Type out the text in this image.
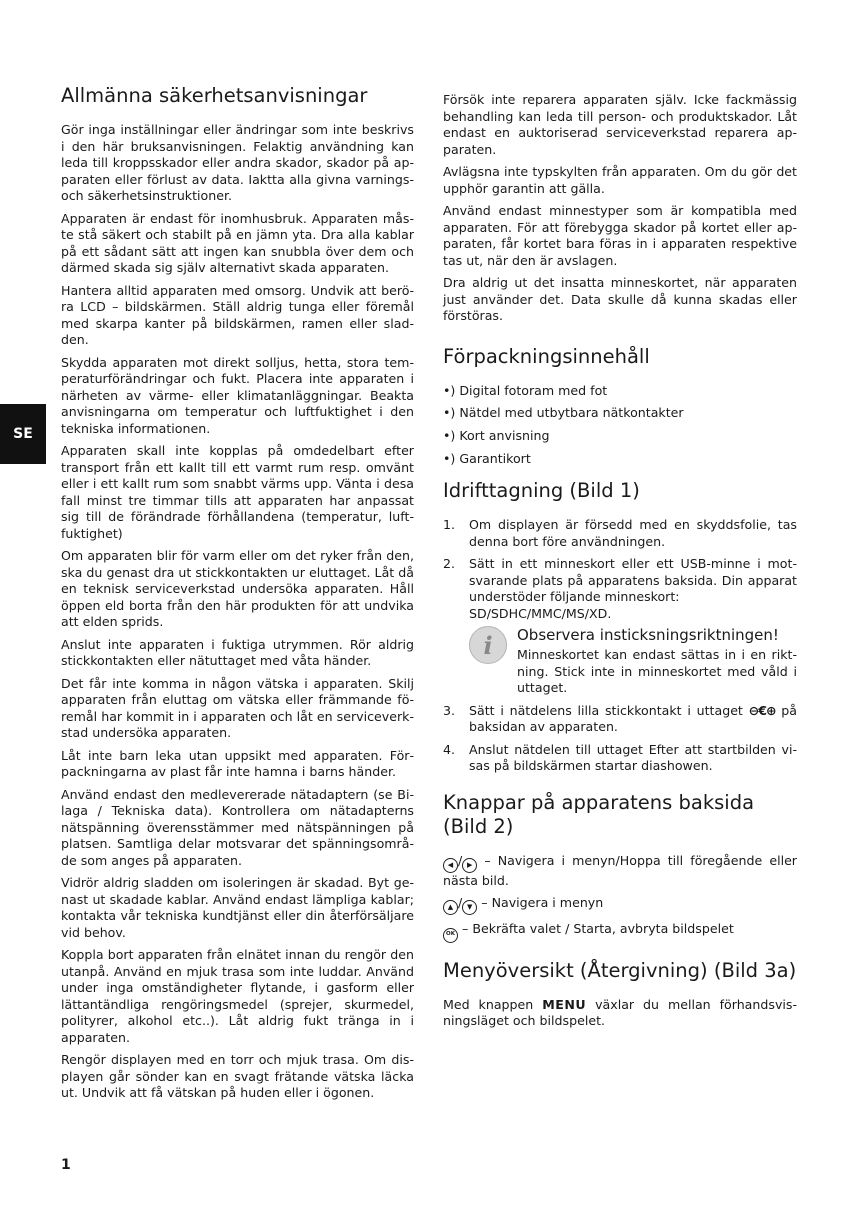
SE
1
Allmänna säkerhetsanvisningar

Gör inga inställningar eller ändringar som inte beskrivs i den här bruksanvisningen. Felaktig användning kan leda till kroppsskador eller andra skador, skador på apparaten eller förlust av data. Iaktta alla givna varnings- och säkerhetsinstruktioner.

Apparaten är endast för inomhusbruk. Apparaten måste stå säkert och stabilt på en jämn yta. Dra alla kablar på ett sådant sätt att ingen kan snubbla över dem och därmed skada sig själv alternativt skada apparaten.

Hantera alltid apparaten med omsorg. Undvik att beröra LCD – bildskärmen. Ställ aldrig tunga eller föremål med skarpa kanter på bildskärmen, ramen eller sladden.

Skydda apparaten mot direkt solljus, hetta, stora temperaturförändringar och fukt. Placera inte apparaten i närheten av värme- eller klimatanläggningar. Beakta anvisningarna om temperatur och luftfuktighet i den tekniska informationen.

Apparaten skall inte kopplas på omdedelbart efter transport från ett kallt till ett varmt rum resp. omvänt eller i ett kallt rum som snabbt värms upp. Vänta i desa fall minst tre timmar tills att apparaten har anpassat sig till de förändrade förhållandena (temperatur, luftfuktighet)

Om apparaten blir för varm eller om det ryker från den, ska du genast dra ut stickkontakten ur eluttaget. Låt då en teknisk serviceverkstad undersöka apparaten. Håll öppen eld borta från den här produkten för att undvika att elden sprids.

Anslut inte apparaten i fuktiga utrymmen. Rör aldrig stickkontakten eller nätuttaget med våta händer.

Det får inte komma in någon vätska i apparaten. Skilj apparaten från eluttag om vätska eller främmande föremål har kommit in i apparaten och låt en serviceverkstad undersöka apparaten.

Låt inte barn leka utan uppsikt med apparaten. Förpackningarna av plast får inte hamna i barns händer.

Använd endast den medlevererade nätadaptern (se Bilaga / Tekniska data). Kontrollera om nätadapterns nätspänning överensstämmer med nätspänningen på platsen. Samtliga delar motsvarar det spänningsområde som anges på apparaten.

Vidrör aldrig sladden om isoleringen är skadad. Byt genast ut skadade kablar. Använd endast lämpliga kablar; kontakta vår tekniska kundtjänst eller din återförsäljare vid behov.

Koppla bort apparaten från elnätet innan du rengör den utanpå. Använd en mjuk trasa som inte luddar. Använd under inga omständigheter flytande, i gasform eller lättantändliga rengöringsmedel (sprejer, skurmedel, polityrer, alkohol etc..). Låt aldrig fukt tränga in i apparaten.

Rengör displayen med en torr och mjuk trasa. Om displayen går sönder kan en svagt frätande vätska läcka ut. Undvik att få vätskan på huden eller i ögonen.

Försök inte reparera apparaten själv. Icke fackmässig behandling kan leda till person- och produktskador. Låt endast en auktoriserad serviceverkstad reparera apparaten.

Avlägsna inte typskylten från apparaten. Om du gör det upphör garantin att gälla.

Använd endast minnestyper som är kompatibla med apparaten. För att förebygga skador på kortet eller apparaten, får kortet bara föras in i apparaten respektive tas ut, när den är avslagen.

Dra aldrig ut det insatta minneskortet, när apparaten just använder det. Data skulle då kunna skadas eller förstöras.

Förpackningsinnehåll
•) Digital fotoram med fot
•) Nätdel med utbytbara nätkontakter
•) Kort anvisning
•) Garantikort
Idrifttagning (Bild 1)
1. Om displayen är försedd med en skyddsfolie, tas denna bort före användningen.
2. Sätt in ett minneskort eller ett USB-minne i motsvarande plats på apparatens baksida. Din apparat understöder följande minneskort:
SD/SDHC/MMC/MS/XD.
i	Observera insticksningsriktningen!
Minneskortet kan endast sättas in i en riktning. Stick inte in minneskortet med våld i uttaget.
3. Sätt i nätdelens lilla stickkontakt i uttaget ⊖€⊕ på baksidan av apparaten.
4. Anslut nätdelen till uttaget Efter att startbilden visas på bildskärmen startar diashowen.
Knappar på apparatens baksida (Bild 2)
◀ / ▶ – Navigera i menyn/Hoppa till föregående eller nästa bild.
▲ / ▼ – Navigera i menyn
OK – Bekräfta valet / Starta, avbryta bildspelet
Menyöversikt (Återgivning) (Bild 3a)

Med knappen MENU växlar du mellan förhandsvisningsläget och bildspelet.
